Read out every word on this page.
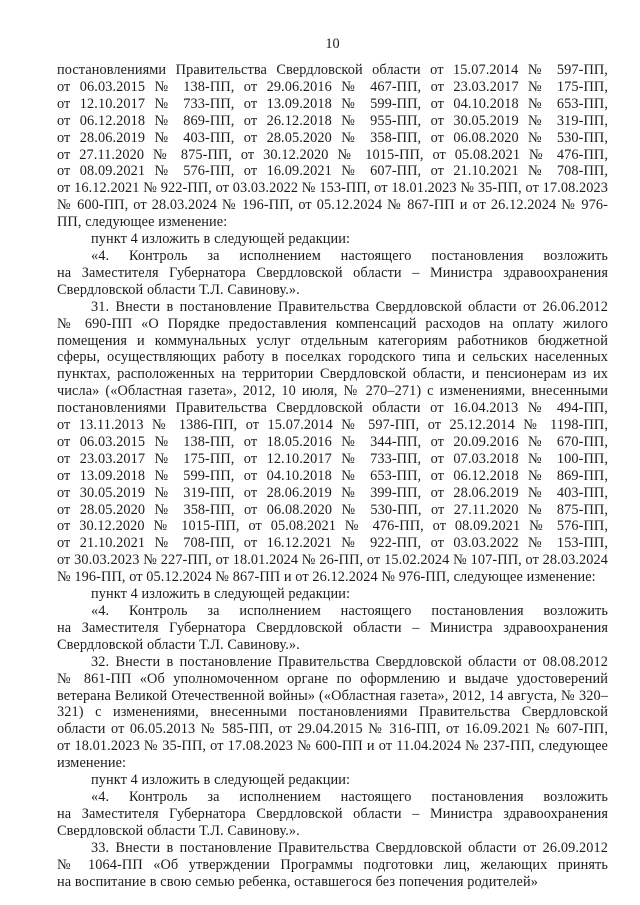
10

постановлениями Правительства Свердловской области от 15.07.2014 № 597-ПП, от 06.03.2015 № 138-ПП, от 29.06.2016 № 467-ПП, от 23.03.2017 № 175-ПП, от 12.10.2017 № 733-ПП, от 13.09.2018 № 599-ПП, от 04.10.2018 № 653-ПП, от 06.12.2018 № 869-ПП, от 26.12.2018 № 955-ПП, от 30.05.2019 № 319-ПП, от 28.06.2019 № 403-ПП, от 28.05.2020 № 358-ПП, от 06.08.2020 № 530-ПП, от 27.11.2020 № 875-ПП, от 30.12.2020 № 1015-ПП, от 05.08.2021 № 476-ПП, от 08.09.2021 № 576-ПП, от 16.09.2021 № 607-ПП, от 21.10.2021 № 708-ПП, от 16.12.2021 № 922-ПП, от 03.03.2022 № 153-ПП, от 18.01.2023 № 35-ПП, от 17.08.2023 № 600-ПП, от 28.03.2024 № 196-ПП, от 05.12.2024 № 867-ПП и от 26.12.2024 № 976-ПП, следующее изменение:

пункт 4 изложить в следующей редакции:

«4. Контроль за исполнением настоящего постановления возложить на Заместителя Губернатора Свердловской области – Министра здравоохранения Свердловской области Т.Л. Савинову.».

31. Внести в постановление Правительства Свердловской области от 26.06.2012 № 690-ПП «О Порядке предоставления компенсаций расходов на оплату жилого помещения и коммунальных услуг отдельным категориям работников бюджетной сферы, осуществляющих работу в поселках городского типа и сельских населенных пунктах, расположенных на территории Свердловской области, и пенсионерам из их числа» («Областная газета», 2012, 10 июля, № 270–271) с изменениями, внесенными постановлениями Правительства Свердловской области от 16.04.2013 № 494-ПП, от 13.11.2013 № 1386-ПП, от 15.07.2014 № 597-ПП, от 25.12.2014 № 1198-ПП, от 06.03.2015 № 138-ПП, от 18.05.2016 № 344-ПП, от 20.09.2016 № 670-ПП, от 23.03.2017 № 175-ПП, от 12.10.2017 № 733-ПП, от 07.03.2018 № 100-ПП, от 13.09.2018 № 599-ПП, от 04.10.2018 № 653-ПП, от 06.12.2018 № 869-ПП, от 30.05.2019 № 319-ПП, от 28.06.2019 № 399-ПП, от 28.06.2019 № 403-ПП, от 28.05.2020 № 358-ПП, от 06.08.2020 № 530-ПП, от 27.11.2020 № 875-ПП, от 30.12.2020 № 1015-ПП, от 05.08.2021 № 476-ПП, от 08.09.2021 № 576-ПП, от 21.10.2021 № 708-ПП, от 16.12.2021 № 922-ПП, от 03.03.2022 № 153-ПП, от 30.03.2023 № 227-ПП, от 18.01.2024 № 26-ПП, от 15.02.2024 № 107-ПП, от 28.03.2024 № 196-ПП, от 05.12.2024 № 867-ПП и от 26.12.2024 № 976-ПП, следующее изменение:

пункт 4 изложить в следующей редакции:

«4. Контроль за исполнением настоящего постановления возложить на Заместителя Губернатора Свердловской области – Министра здравоохранения Свердловской области Т.Л. Савинову.».

32. Внести в постановление Правительства Свердловской области от 08.08.2012 № 861-ПП «Об уполномоченном органе по оформлению и выдаче удостоверений ветерана Великой Отечественной войны» («Областная газета», 2012, 14 августа, № 320–321) с изменениями, внесенными постановлениями Правительства Свердловской области от 06.05.2013 № 585-ПП, от 29.04.2015 № 316-ПП, от 16.09.2021 № 607-ПП, от 18.01.2023 № 35-ПП, от 17.08.2023 № 600-ПП и от 11.04.2024 № 237-ПП, следующее изменение:

пункт 4 изложить в следующей редакции:

«4. Контроль за исполнением настоящего постановления возложить на Заместителя Губернатора Свердловской области – Министра здравоохранения Свердловской области Т.Л. Савинову.».

33. Внести в постановление Правительства Свердловской области от 26.09.2012 № 1064-ПП «Об утверждении Программы подготовки лиц, желающих принять на воспитание в свою семью ребенка, оставшегося без попечения родителей»
